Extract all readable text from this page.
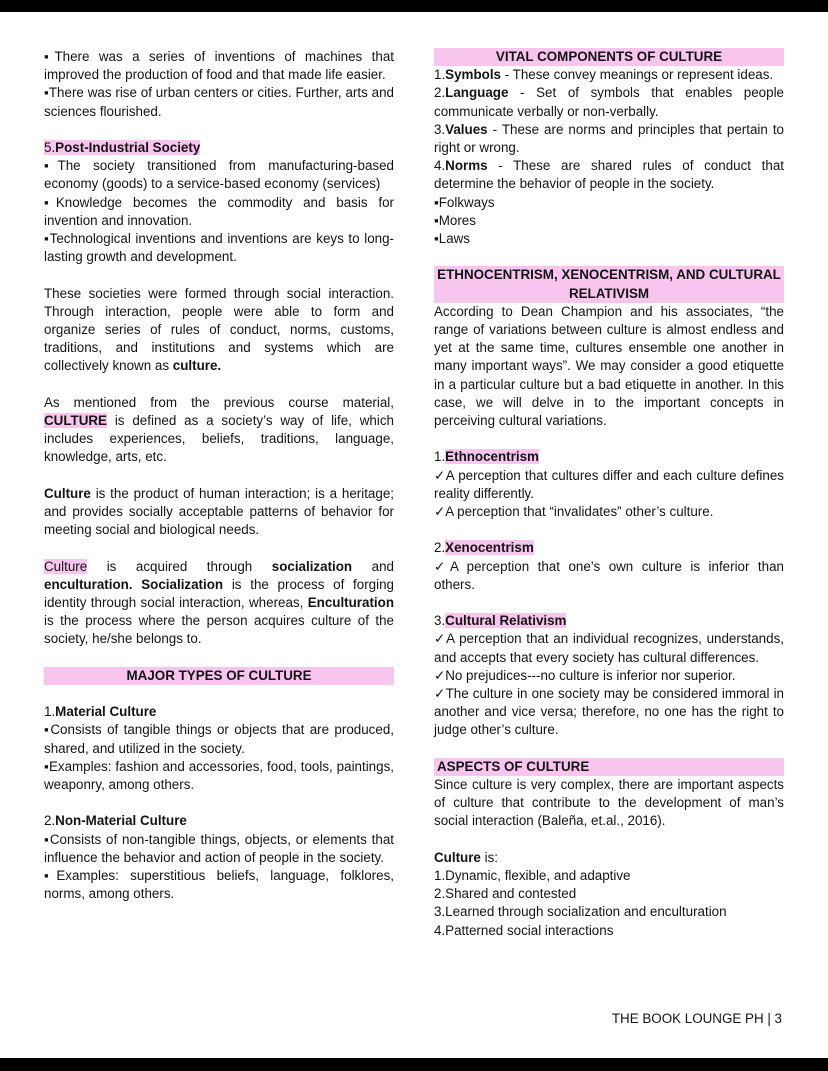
▪There was a series of inventions of machines that improved the production of food and that made life easier.
▪There was rise of urban centers or cities. Further, arts and sciences flourished.
5.Post-Industrial Society
▪The society transitioned from manufacturing-based economy (goods) to a service-based economy (services)
▪Knowledge becomes the commodity and basis for invention and innovation.
▪Technological inventions and inventions are keys to long-lasting growth and development.
These societies were formed through social interaction. Through interaction, people were able to form and organize series of rules of conduct, norms, customs, traditions, and institutions and systems which are collectively known as culture.
As mentioned from the previous course material, CULTURE is defined as a society’s way of life, which includes experiences, beliefs, traditions, language, knowledge, arts, etc.
Culture is the product of human interaction; is a heritage; and provides socially acceptable patterns of behavior for meeting social and biological needs.
Culture is acquired through socialization and enculturation. Socialization is the process of forging identity through social interaction, whereas, Enculturation is the process where the person acquires culture of the society, he/she belongs to.
MAJOR TYPES OF CULTURE
1.Material Culture
▪Consists of tangible things or objects that are produced, shared, and utilized in the society.
▪Examples: fashion and accessories, food, tools, paintings, weaponry, among others.
2.Non-Material Culture
▪Consists of non-tangible things, objects, or elements that influence the behavior and action of people in the society.
▪Examples: superstitious beliefs, language, folklores, norms, among others.
VITAL COMPONENTS OF CULTURE
1.Symbols - These convey meanings or represent ideas.
2.Language - Set of symbols that enables people communicate verbally or non-verbally.
3.Values - These are norms and principles that pertain to right or wrong.
4.Norms - These are shared rules of conduct that determine the behavior of people in the society.
▪Folkways
▪Mores
▪Laws
ETHNOCENTRISM, XENOCENTRISM, AND CULTURAL RELATIVISM
According to Dean Champion and his associates, “the range of variations between culture is almost endless and yet at the same time, cultures ensemble one another in many important ways”. We may consider a good etiquette in a particular culture but a bad etiquette in another. In this case, we will delve in to the important concepts in perceiving cultural variations.
1.Ethnocentrism
✓A perception that cultures differ and each culture defines reality differently.
✓A perception that “invalidates” other’s culture.
2.Xenocentrism
✓A perception that one’s own culture is inferior than others.
3.Cultural Relativism
✓A perception that an individual recognizes, understands, and accepts that every society has cultural differences.
✓No prejudices---no culture is inferior nor superior.
✓The culture in one society may be considered immoral in another and vice versa; therefore, no one has the right to judge other’s culture.
ASPECTS OF CULTURE
Since culture is very complex, there are important aspects of culture that contribute to the development of man’s social interaction (Baleña, et.al., 2016).
Culture is:
1.Dynamic, flexible, and adaptive
2.Shared and contested
3.Learned through socialization and enculturation
4.Patterned social interactions
THE BOOK LOUNGE PH | 3
